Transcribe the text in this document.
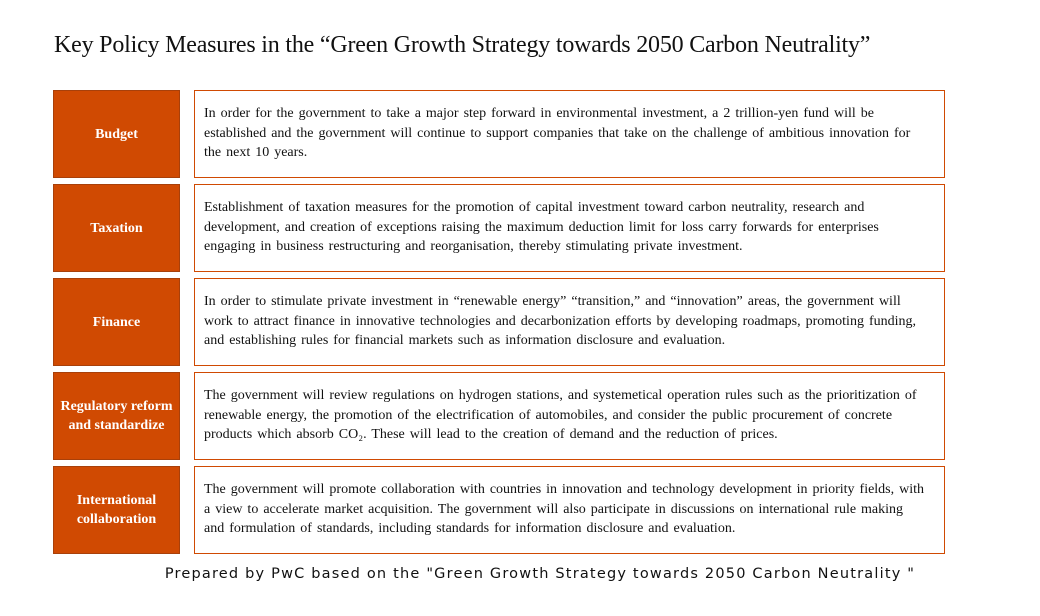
Key Policy Measures in the “Green Growth Strategy towards 2050 Carbon Neutrality”
Budget
In order for the government to take a major step forward in environmental investment, a 2 trillion-yen fund will be established and the government will continue to support companies that take on the challenge of ambitious innovation for the next 10 years.
Taxation
Establishment of taxation measures for the promotion of capital investment toward carbon neutrality, research and development, and creation of exceptions raising the maximum deduction limit for loss carry forwards for enterprises engaging in business restructuring and reorganisation, thereby stimulating private investment.
Finance
In order to stimulate private investment in “renewable energy” “transition,” and “innovation” areas, the government will work to attract finance in innovative technologies and decarbonization efforts by developing roadmaps, promoting funding, and establishing rules for financial markets such as information disclosure and evaluation.
Regulatory reform and standardize
The government will review regulations on hydrogen stations, and systemetical operation rules such as the prioritization of renewable energy, the promotion of the electrification of automobiles, and consider the public procurement of concrete products which absorb CO₂. These will lead to the creation of demand and the reduction of prices.
International collaboration
The government will promote collaboration with countries in innovation and technology development in priority fields, with a view to accelerate market acquisition. The government will also participate in discussions on international rule making and formulation of standards, including standards for information disclosure and evaluation.
Prepared by PwC based on the "Green Growth Strategy towards 2050 Carbon Neutrality "
